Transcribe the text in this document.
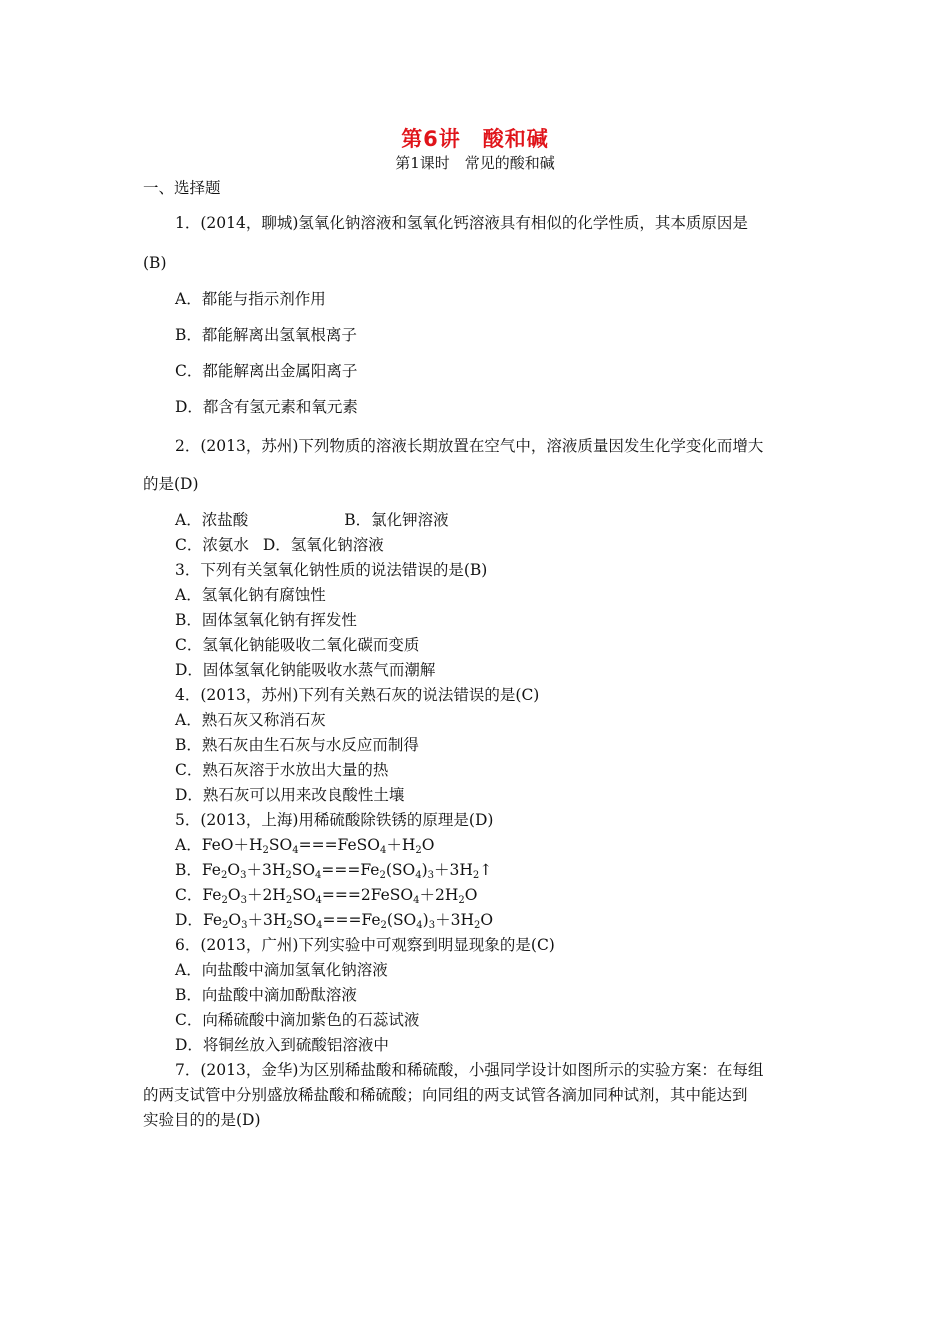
第6讲　酸和碱
第1课时　常见的酸和碱
一、选择题
1．(2014，聊城)氢氧化钠溶液和氢氧化钙溶液具有相似的化学性质，其本质原因是
(B)
A．都能与指示剂作用
B．都能解离出氢氧根离子
C．都能解离出金属阳离子
D．都含有氢元素和氧元素
2．(2013，苏州)下列物质的溶液长期放置在空气中，溶液质量因发生化学变化而增大
的是(D)
A．浓盐酸	B．氯化钾溶液
C．浓氨水 D．氢氧化钠溶液
3．下列有关氢氧化钠性质的说法错误的是(B)
A．氢氧化钠有腐蚀性
B．固体氢氧化钠有挥发性
C．氢氧化钠能吸收二氧化碳而变质
D．固体氢氧化钠能吸收水蒸气而潮解
4．(2013，苏州)下列有关熟石灰的说法错误的是(C)
A．熟石灰又称消石灰
B．熟石灰由生石灰与水反应而制得
C．熟石灰溶于水放出大量的热
D．熟石灰可以用来改良酸性土壤
5．(2013，上海)用稀硫酸除铁锈的原理是(D)
A．$FeO+H_2SO_4===FeSO_4+H_2O$
B．$Fe_2O_3+3H_2SO_4===Fe_2(SO_4)_3+3H_2↑$
C．$Fe_2O_3+2H_2SO_4===2FeSO_4+2H_2O$
D．$Fe_2O_3+3H_2SO_4===Fe_2(SO_4)_3+3H_2O$
6．(2013，广州)下列实验中可观察到明显现象的是(C)
A．向盐酸中滴加氢氧化钠溶液
B．向盐酸中滴加酚酞溶液
C．向稀硫酸中滴加紫色的石蕊试液
D．将铜丝放入到硫酸铝溶液中
7．(2013，金华)为区别稀盐酸和稀硫酸，小强同学设计如图所示的实验方案：在每组
的两支试管中分别盛放稀盐酸和稀硫酸；向同组的两支试管各滴加同种试剂，其中能达到
实验目的的是(D)
